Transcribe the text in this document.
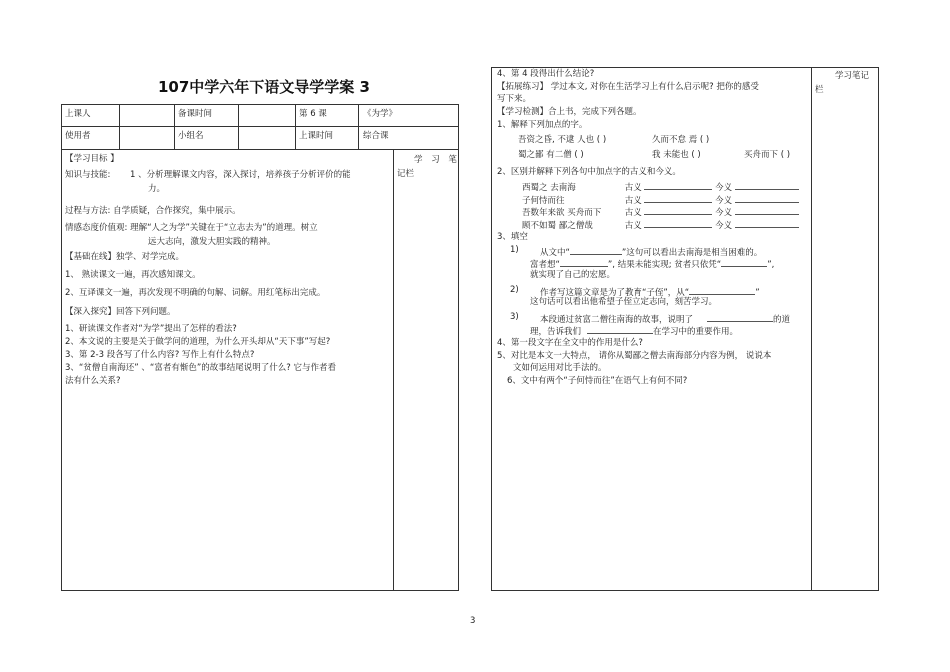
107中学六年下语文导学学案 3
上课人	备课时间	第 6 课	《为学》
使用者	小组名	上课时间	综合课
学 习 笔
记栏
【学习目标 】
知识与技能: 1 、分析理解课文内容，深入探讨，培养孩子分析评价的能
力。
过程与方法: 自学质疑，合作探究，集中展示。
情感态度价值观: 理解“人之为学”关键在于“立志去为”的道理。树立
远大志向，激发大胆实践的精神。
【基础在线】独学、对学完成。
1、 熟读课文一遍，再次感知课文。
2、互译课文一遍，再次发现不明确的句解、词解。用红笔标出完成。
【深入探究】回答下列问题。
1、研读课文作者对“为学”提出了怎样的看法?
2、本文说的主要是关于做学问的道理，为什么开头却从“天下事”写起?
3、第 2-3 段各写了什么内容? 写作上有什么特点?
3、“贫僧自南海还” 、“富者有惭色”的故事结尾说明了什么? 它与作者看
法有什么关系?
学习笔记
栏
4、第 4 段得出什么结论?
【拓展练习】 学过本文, 对你在生活学习上有什么启示呢? 把你的感受
写下来。
【学习检测】合上书，完成下列各题。
1、解释下列加点的字。
吾资之昏, 不逮 人也 ( )	久而不怠 焉 ( )
蜀之鄙 有二僧 ( )	我 未能也 ( )	买舟而下 ( )
2、区别并解释下列各句中加点字的古义和今义。
西蜀之 去南海	古义	今义
子何恃而往	古义	今义
吾数年来欲 买舟而下	古义	今义
顾不如蜀 鄙之僧哉	古义	今义
3、填空
1)	从文中“	”这句可以看出去南海是相当困难的。
富者想“	”, 结果未能实现; 贫者只依凭“	”,
就实现了自己的宏愿。
2)	作者写这篇文章是为了教育“子侄”，从“	”
这句话可以看出他希望子侄立定志向，刻苦学习。
3)	本段通过贫富二僧往南海的故事，说明了	的道
理，告诉我们	在学习中的重要作用。
4、第一段文字在全文中的作用是什么?
5、对比是本文一大特点， 请你从蜀鄙之僧去南海部分内容为例， 说说本
文如何运用对比手法的。
6、文中有两个“子何恃而往”在语气上有何不同?
3
